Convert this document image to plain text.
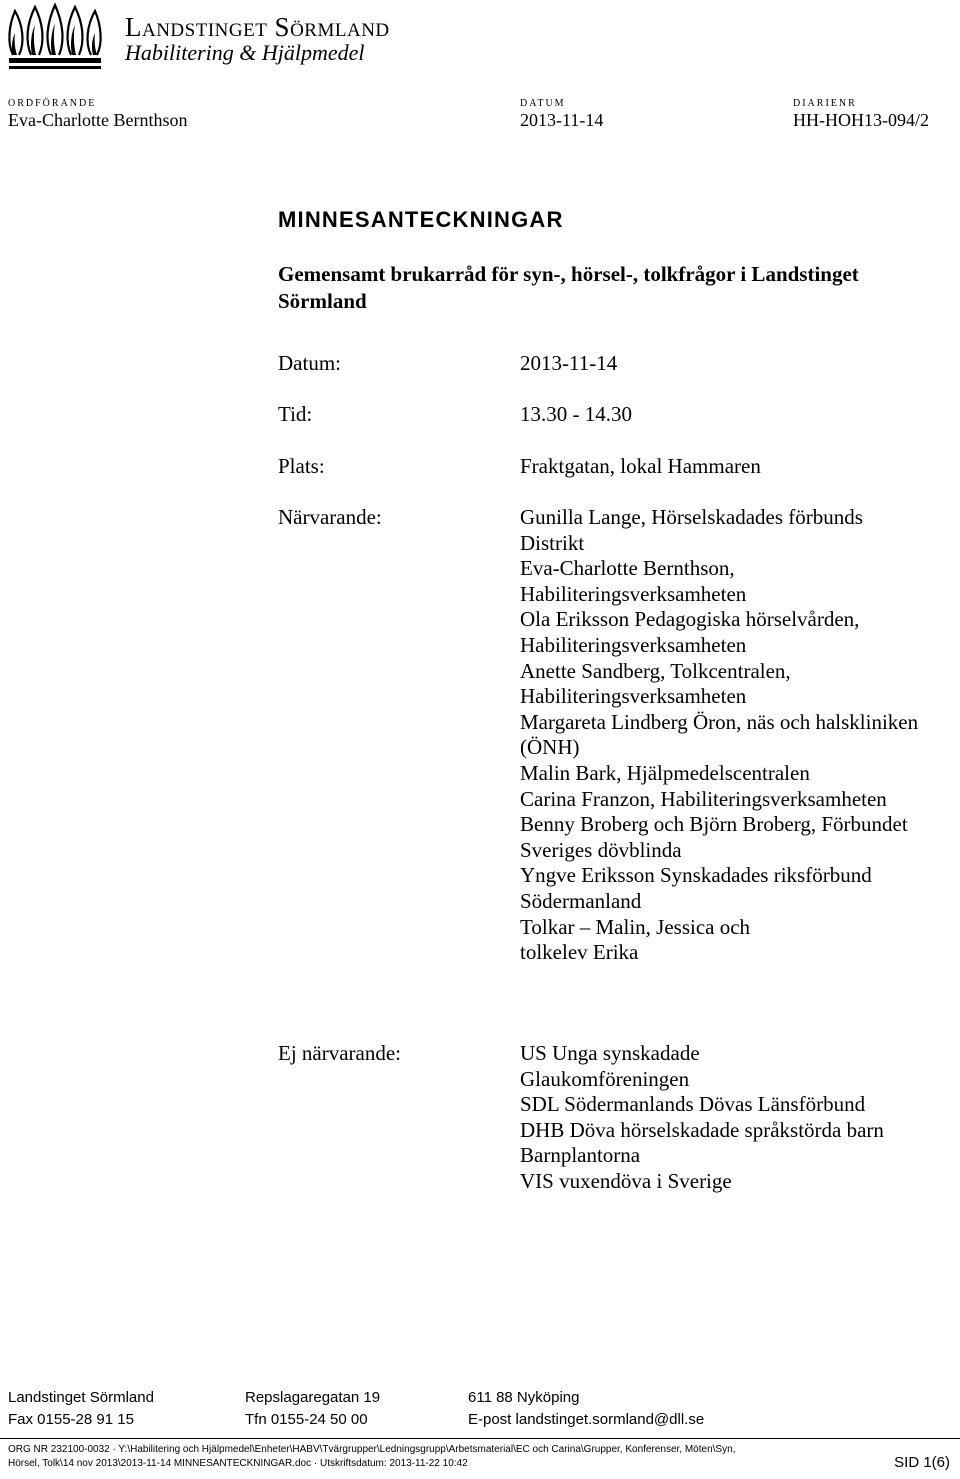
Landstinget Sörmland
Habilitering & Hjälpmedel
ORDFÖRANDE
Eva-Charlotte Bernthson
DATUM
2013-11-14
DIARIENR
HH-HOH13-094/2
MINNESANTECKNINGAR
Gemensamt brukarråd för syn-, hörsel-, tolkfrågor i Landstinget Sörmland
Datum:	2013-11-14
Tid:	13.30 - 14.30
Plats:	Fraktgatan, lokal Hammaren
Närvarande:	Gunilla Lange, Hörselskadades förbunds
Distrikt
Eva-Charlotte Bernthson,
Habiliteringsverksamheten
Ola Eriksson Pedagogiska hörselvården,
Habiliteringsverksamheten
Anette Sandberg, Tolkcentralen,
Habiliteringsverksamheten
Margareta Lindberg Öron, näs och halskliniken
(ÖNH)
Malin Bark, Hjälpmedelscentralen
Carina Franzon, Habiliteringsverksamheten
Benny Broberg och Björn Broberg, Förbundet
Sveriges dövblinda
Yngve Eriksson Synskadades riksförbund
Södermanland
Tolkar – Malin, Jessica och
tolkelev Erika
Ej närvarande:	US Unga synskadade
Glaukomföreningen
SDL Södermanlands Dövas Länsförbund
DHB Döva hörselskadade språkstörda barn
Barnplantorna
VIS vuxendöva i Sverige
Landstinget Sörmland	Repslagaregatan 19	611 88 Nyköping
Fax 0155-28 91 15	Tfn 0155-24 50 00	E-post landstinget.sormland@dll.se
ORG NR 232100-0032 · Y:\Habilitering och Hjälpmedel\Enheter\HABV\Tvärgrupper\Ledningsgrupp\Arbetsmaterial\EC och Carina\Grupper, Konferenser, Möten\Syn,
Hörsel, Tolk\14 nov 2013\2013-11-14 MINNESANTECKNINGAR.doc · Utskriftsdatum: 2013-11-22 10:42	SID 1(6)
